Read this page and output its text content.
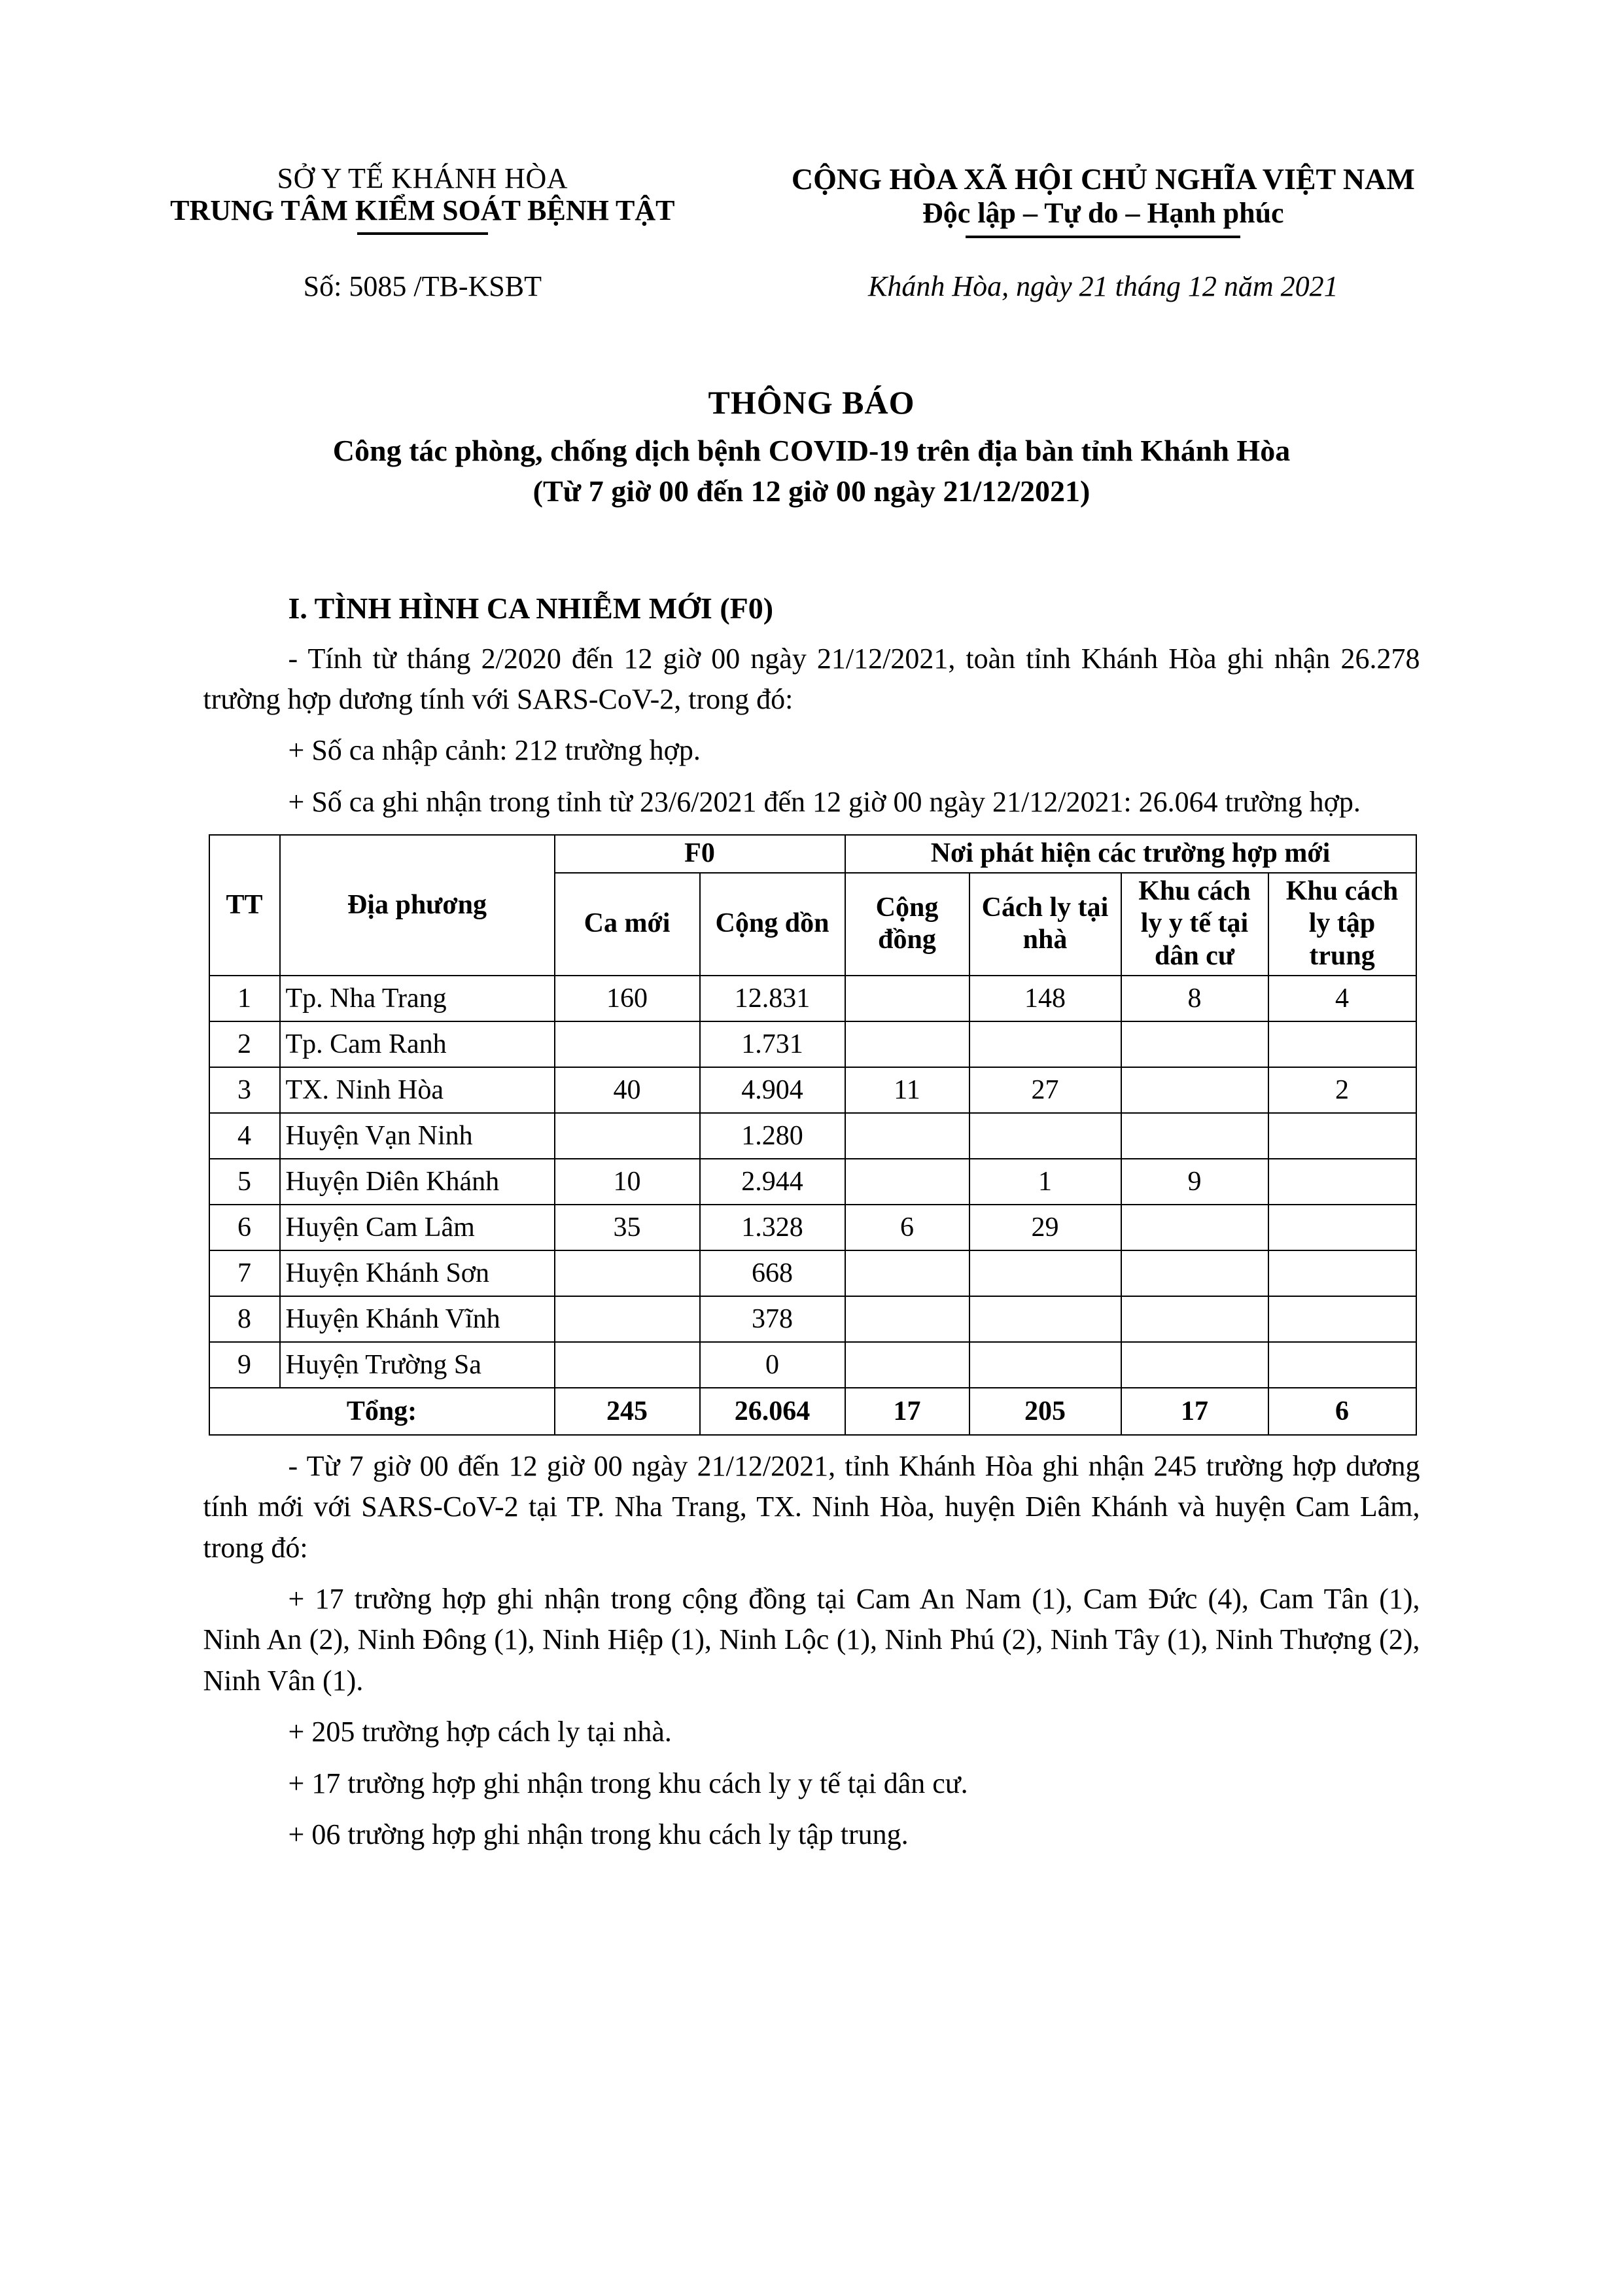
SỞ Y TẾ KHÁNH HÒA
TRUNG TÂM KIỂM SOÁT BỆNH TẬT
CỘNG HÒA XÃ HỘI CHỦ NGHĨA VIỆT NAM
Độc lập – Tự do – Hạnh phúc
Số: 5085 /TB-KSBT	Khánh Hòa, ngày 21 tháng 12 năm 2021
THÔNG BÁO
Công tác phòng, chống dịch bệnh COVID-19 trên địa bàn tỉnh Khánh Hòa
(Từ 7 giờ 00 đến 12 giờ 00 ngày 21/12/2021)
I. TÌNH HÌNH CA NHIỄM MỚI (F0)

- Tính từ tháng 2/2020 đến 12 giờ 00 ngày 21/12/2021, toàn tỉnh Khánh Hòa ghi nhận 26.278 trường hợp dương tính với SARS-CoV-2, trong đó:

+ Số ca nhập cảnh: 212 trường hợp.

+ Số ca ghi nhận trong tỉnh từ 23/6/2021 đến 12 giờ 00 ngày 21/12/2021: 26.064 trường hợp.

TT	Địa phương	F0		Nơi phát hiện các trường hợp mới			
		Ca mới	Cộng dồn	Cộng đồng	Cách ly tại nhà	Khu cách ly y tế tại dân cư	Khu cách ly tập trung
1	Tp. Nha Trang	160	12.831		148	8	4
2	Tp. Cam Ranh		1.731				
3	TX. Ninh Hòa	40	4.904	11	27		2
4	Huyện Vạn Ninh		1.280				
5	Huyện Diên Khánh	10	2.944		1	9	
6	Huyện Cam Lâm	35	1.328	6	29		
7	Huyện Khánh Sơn		668				
8	Huyện Khánh Vĩnh		378				
9	Huyện Trường Sa		0				
Tổng:		245	26.064	17	205	17	6

- Từ 7 giờ 00 đến 12 giờ 00 ngày 21/12/2021, tỉnh Khánh Hòa ghi nhận 245 trường hợp dương tính mới với SARS-CoV-2 tại TP. Nha Trang, TX. Ninh Hòa, huyện Diên Khánh và huyện Cam Lâm, trong đó:

+ 17 trường hợp ghi nhận trong cộng đồng tại Cam An Nam (1), Cam Đức (4), Cam Tân (1), Ninh An (2), Ninh Đông (1), Ninh Hiệp (1), Ninh Lộc (1), Ninh Phú (2), Ninh Tây (1), Ninh Thượng (2), Ninh Vân (1).

+ 205 trường hợp cách ly tại nhà.

+ 17 trường hợp ghi nhận trong khu cách ly y tế tại dân cư.

+ 06 trường hợp ghi nhận trong khu cách ly tập trung.
